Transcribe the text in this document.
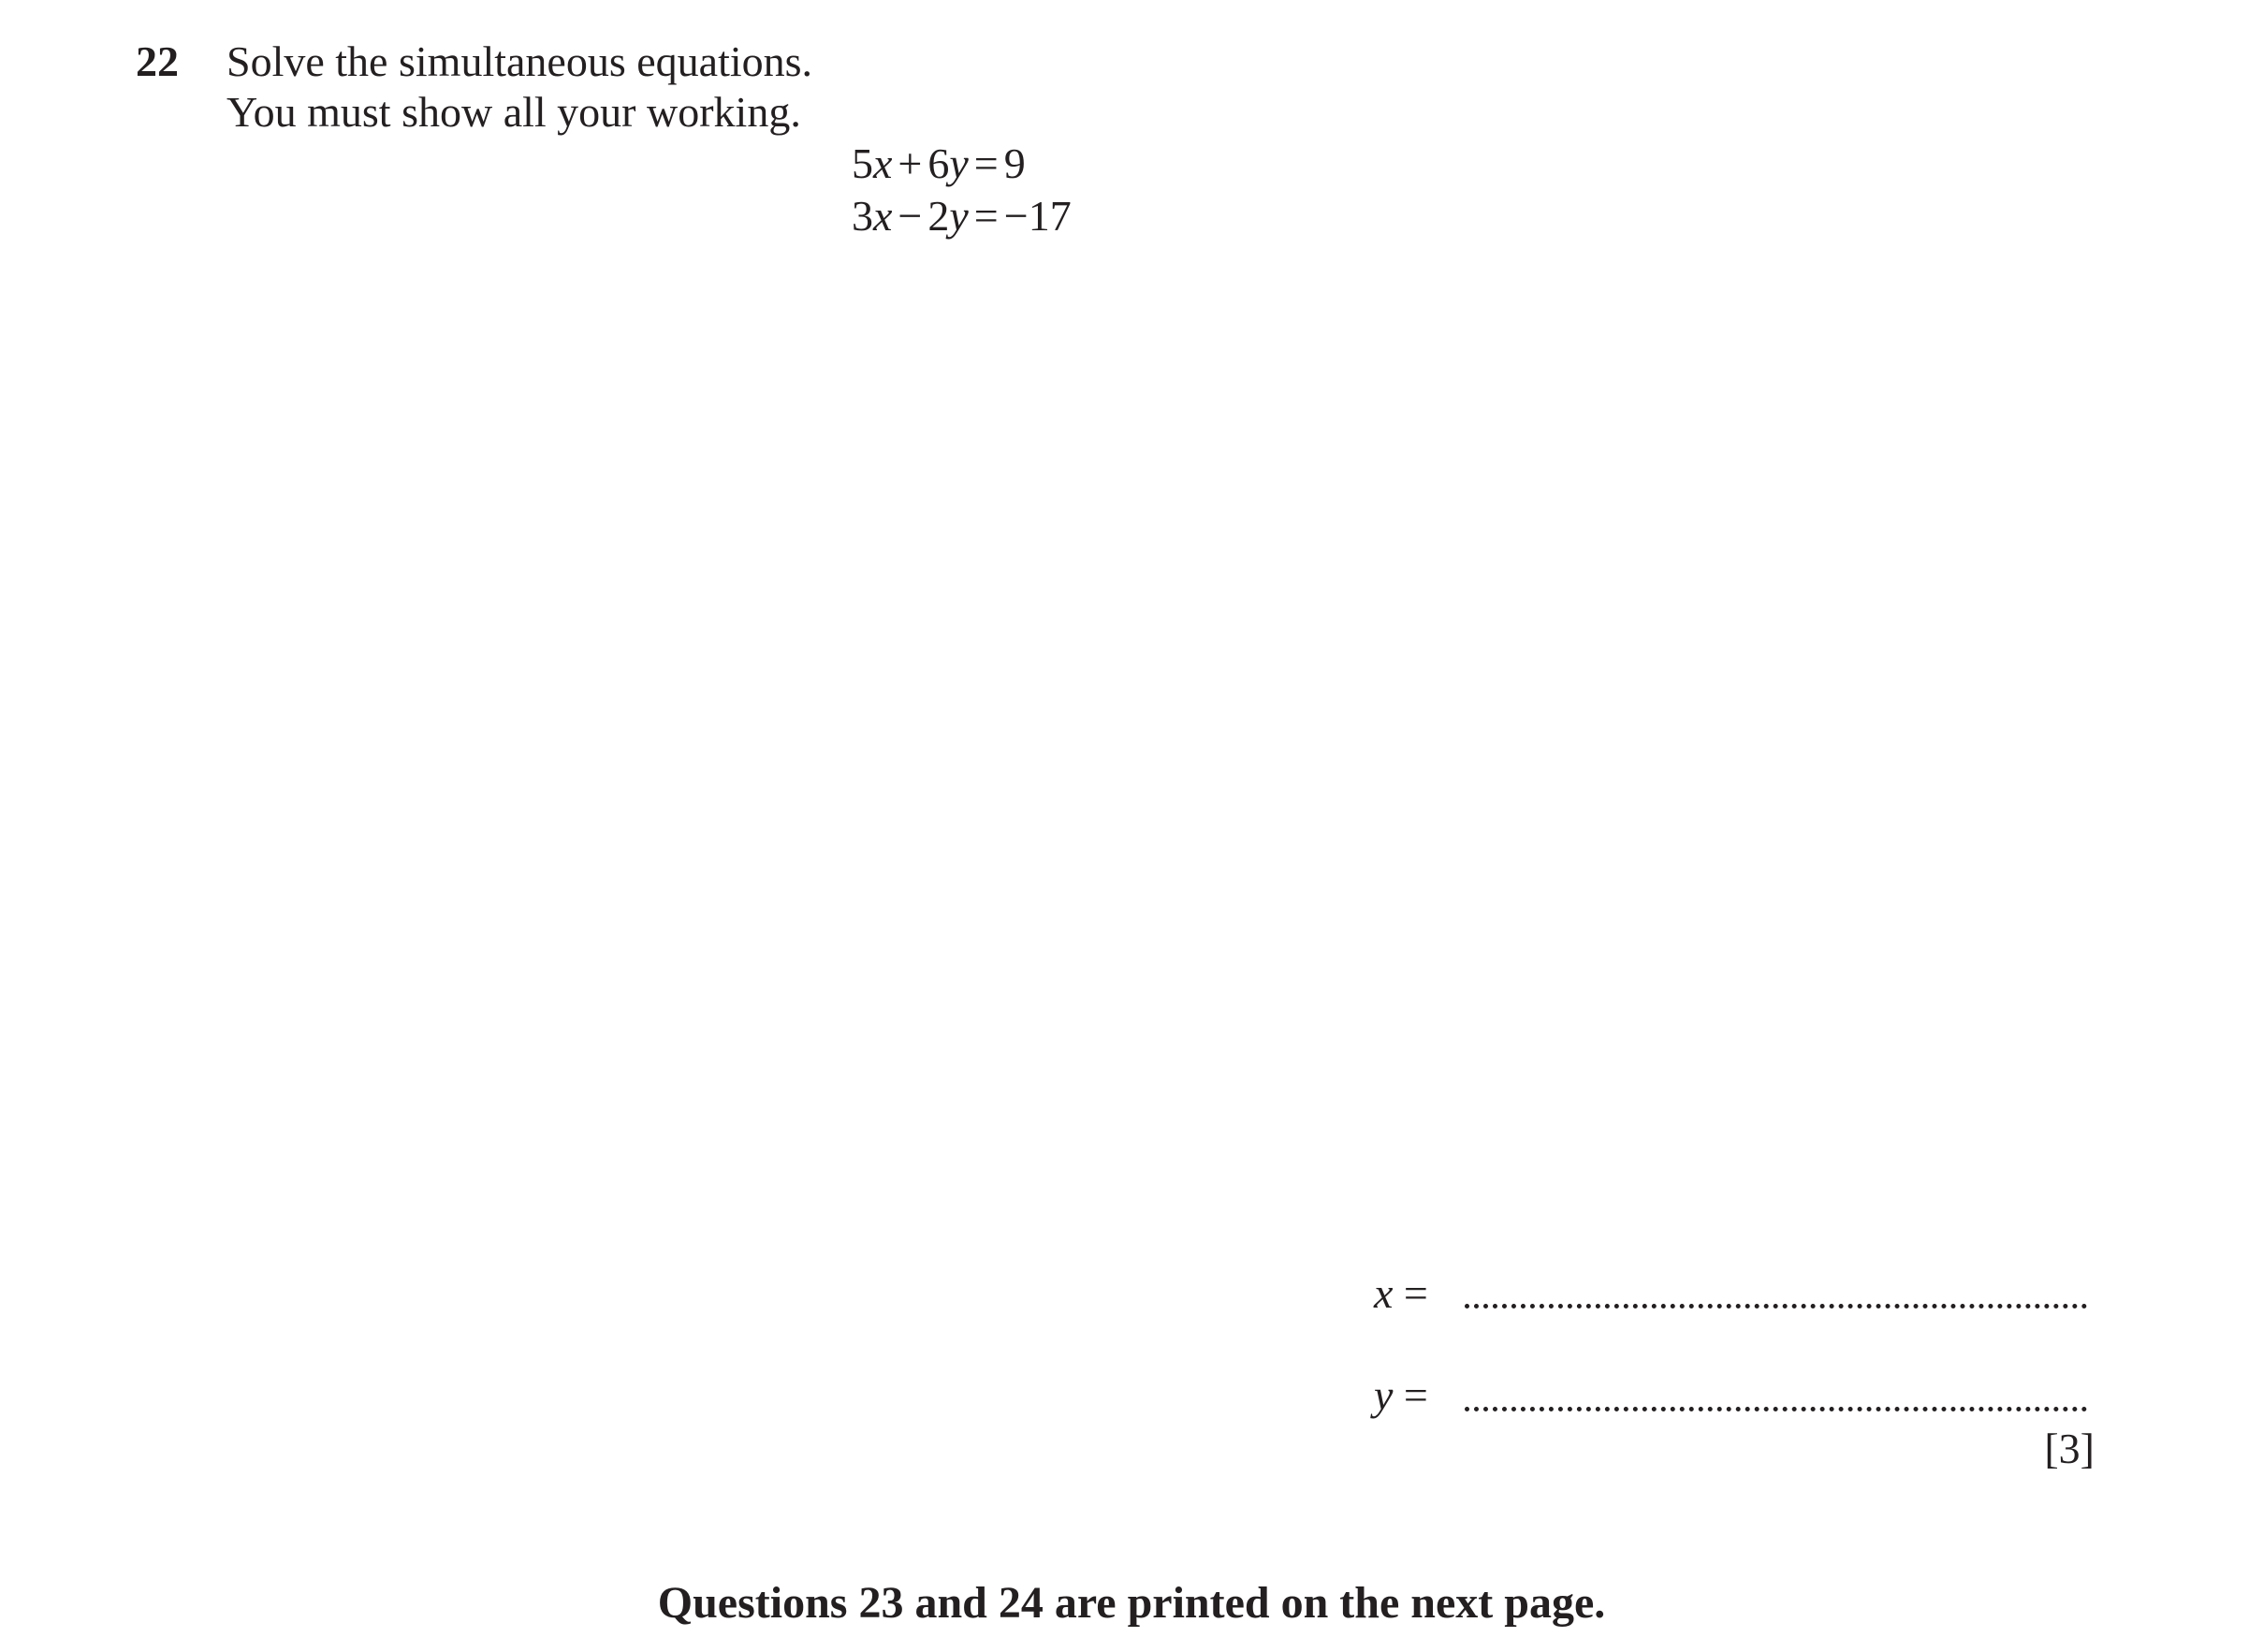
22 Solve the simultaneous equations.
You must show all your working.
5x + 6y = 9
3x − 2y = −17
x =
y =
[3]
Questions 23 and 24 are printed on the next page.
